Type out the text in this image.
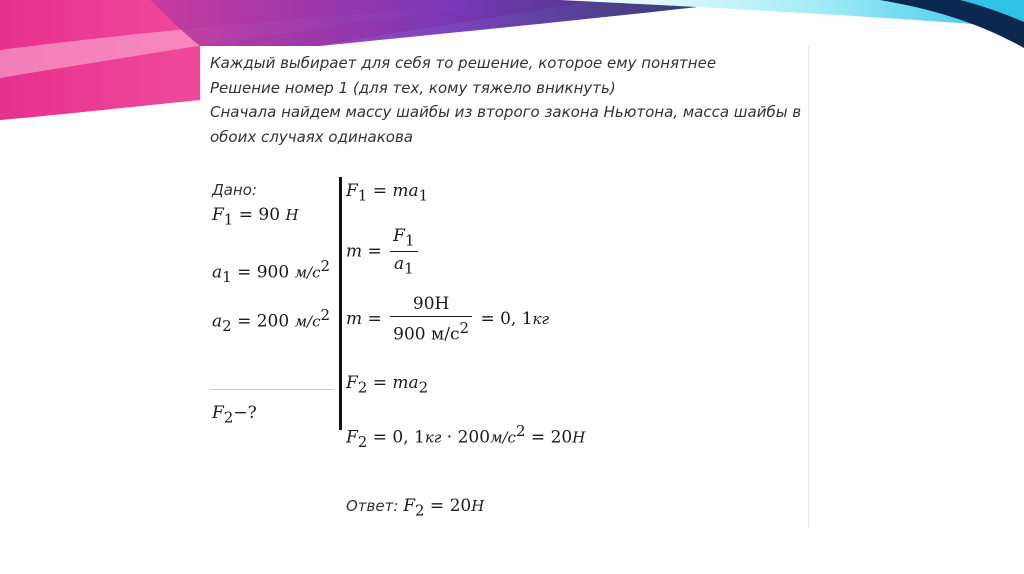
Каждый выбирает для себя то решение, которое ему понятнее
Решение номер 1 (для тех, кому тяжело вникнуть)
Сначала найдем массу шайбы из второго закона Ньютона, масса шайбы в
обоих случаях одинакова
Дано:
$F_1 = 90$ Н
$a_1 = 900$ $м/с^2$
$a_2 = 200$ $м/с^2$
$F_2-$?
$F_1 = ma_1$
$m = \frac{F_1}{a_1}$
$m = \frac{90Н}{900 м/с^2} = 0$, 1кг
$F_2 = ma_2$
$F_2 = 0$, $1кг \cdot 200м/с^2 = 20Н$
Ответ: $F_2 = 20Н$
